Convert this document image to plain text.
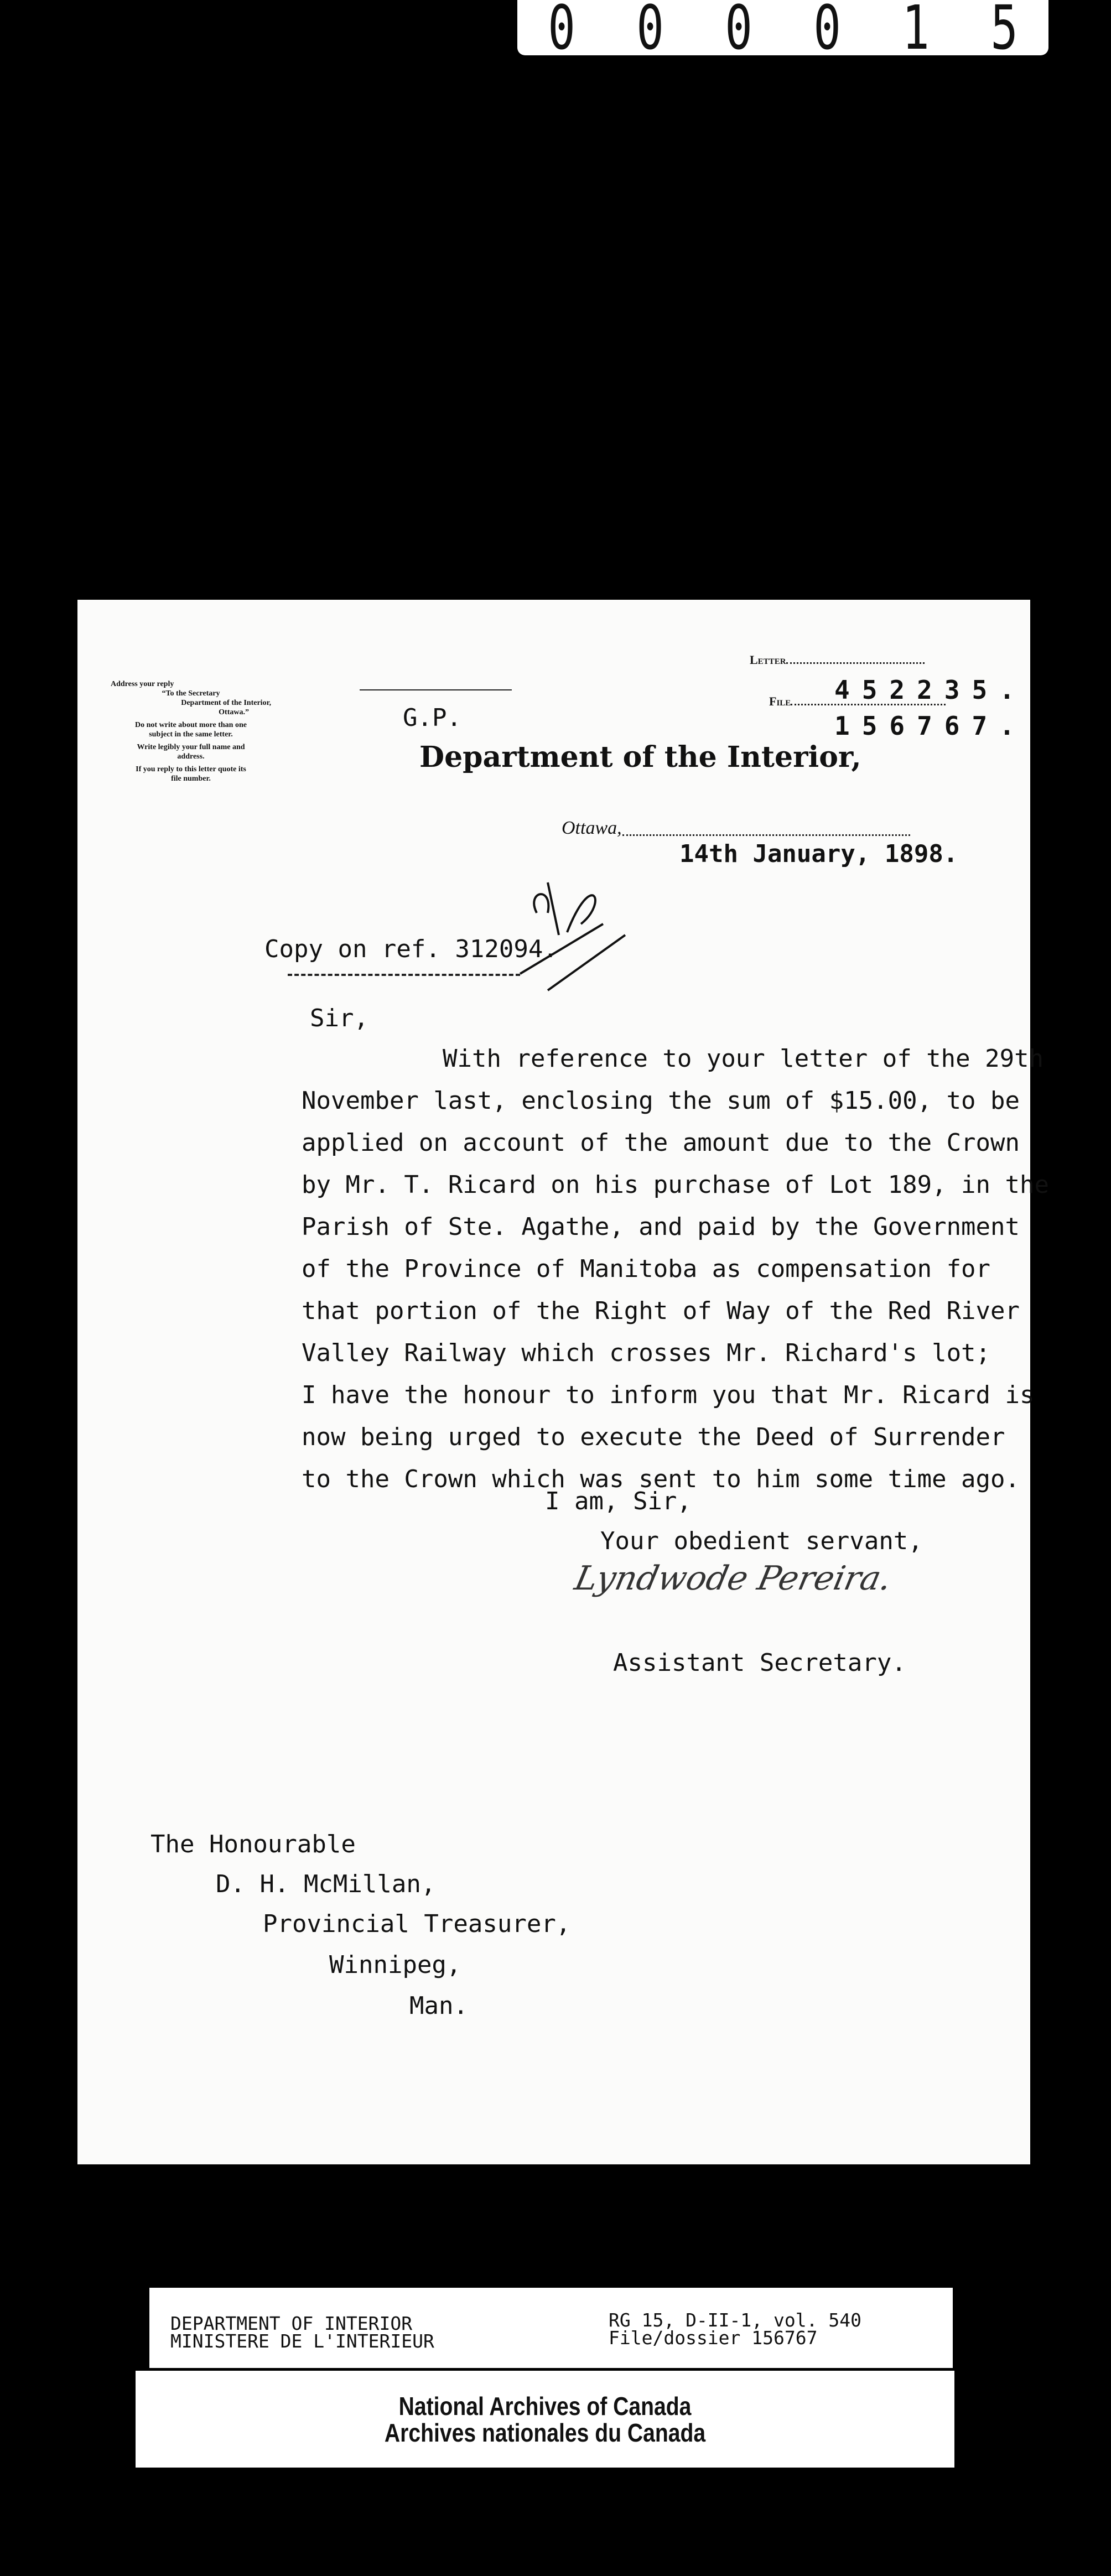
0 0 0 0 1 5
Address your reply
“To the Secretary
Department of the Interior,
Ottawa.”
Do not write about more than one
subject in the same letter.
Write legibly your full name and
address.
If you reply to this letter quote its
file number.
G.P.
Department of the Interior,
Letter
452235.
File
156767.
Ottawa,
14th January, 1898.
Copy on ref. 312094.
Sir,
With reference to your letter of the 29th
November last, enclosing the sum of $15.00, to be
applied on account of the amount due to the Crown
by Mr. T. Ricard on his purchase of Lot 189, in the
Parish of Ste. Agathe, and paid by the Government
of the Province of Manitoba as compensation for
that portion of the Right of Way of the Red River
Valley Railway which crosses Mr. Richard's lot;
I have the honour to inform you that Mr. Ricard is
now being urged to execute the Deed of Surrender
to the Crown which was sent to him some time ago.
I am, Sir,
Your obedient servant,
Lyndwode Pereira.
Assistant Secretary.
The Honourable
D. H. McMillan,
Provincial Treasurer,
Winnipeg,
Man.
DEPARTMENT OF INTERIOR
MINISTERE DE L'INTERIEUR
RG 15, D-II-1, vol. 540
File/dossier 156767
National Archives of Canada
Archives nationales du Canada
